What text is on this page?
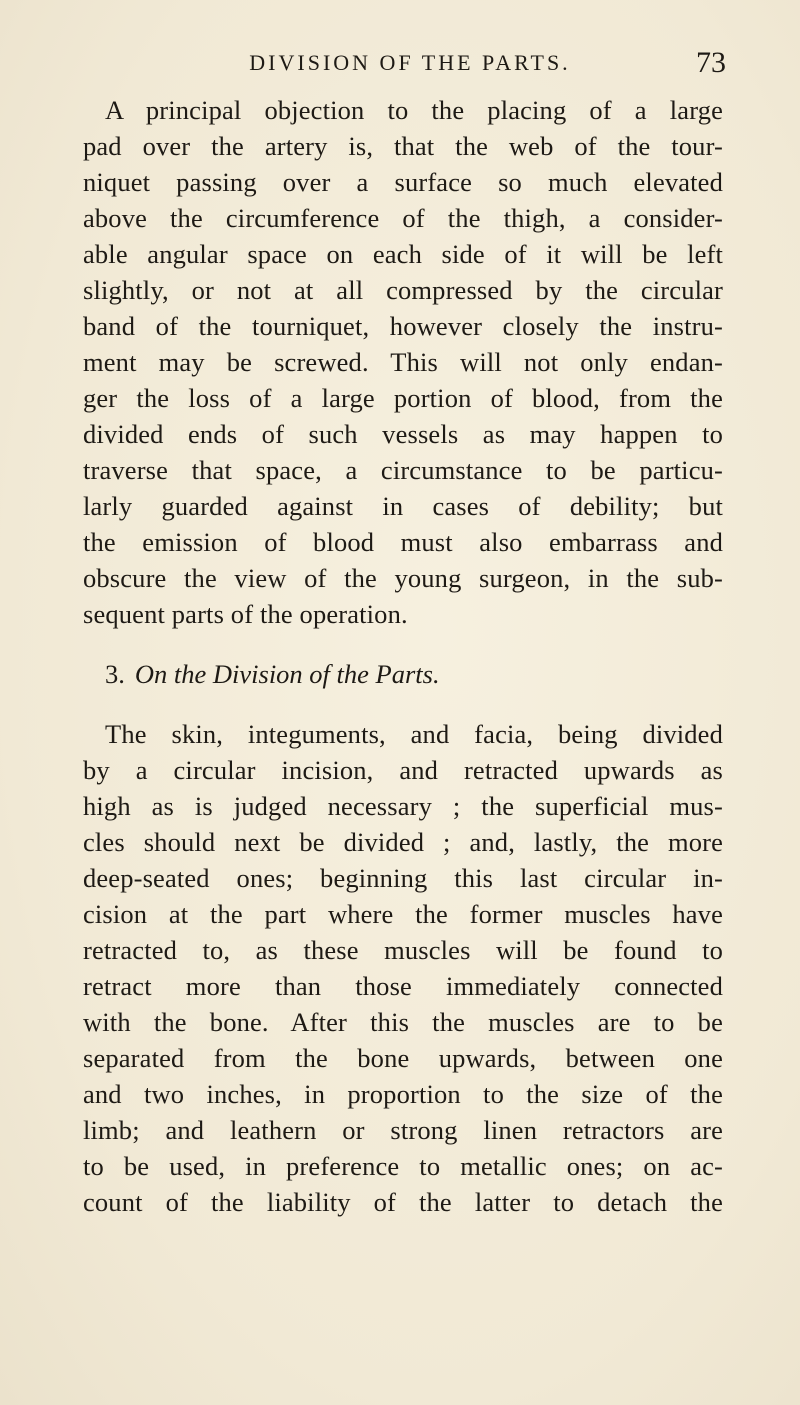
DIVISION OF THE PARTS.	73
A principal objection to the placing of a large
pad over the artery is, that the web of the tour-
niquet passing over a surface so much elevated
above the circumference of the thigh, a consider-
able angular space on each side of it will be left
slightly, or not at all compressed by the circular
band of the tourniquet, however closely the instru-
ment may be screwed. This will not only endan-
ger the loss of a large portion of blood, from the
divided ends of such vessels as may happen to
traverse that space, a circumstance to be particu-
larly guarded against in cases of debility; but
the emission of blood must also embarrass and
obscure the view of the young surgeon, in the sub-
sequent parts of the operation.
3. On the Division of the Parts.
The skin, integuments, and facia, being divided
by a circular incision, and retracted upwards as
high as is judged necessary ; the superficial mus-
cles should next be divided ; and, lastly, the more
deep-seated ones; beginning this last circular in-
cision at the part where the former muscles have
retracted to, as these muscles will be found to
retract more than those immediately connected
with the bone. After this the muscles are to be
separated from the bone upwards, between one
and two inches, in proportion to the size of the
limb; and leathern or strong linen retractors are
to be used, in preference to metallic ones; on ac-
count of the liability of the latter to detach the
